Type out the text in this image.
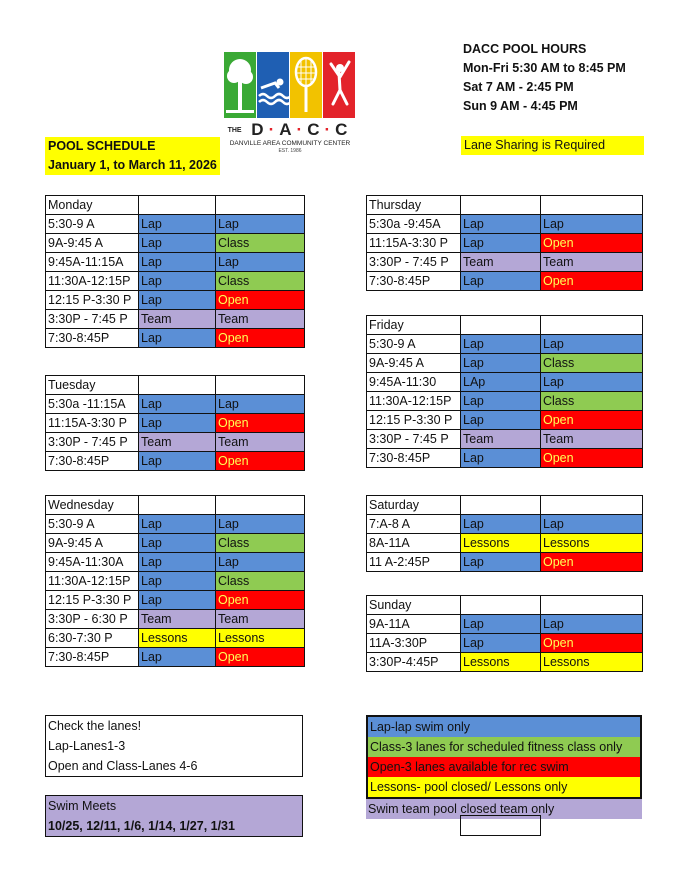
THE D·A·C·C
DANVILLE AREA COMMUNITY CENTER
EST. 1986
DACC POOL HOURS
Mon-Fri 5:30 AM to 8:45 PM
Sat 7 AM - 2:45 PM
Sun 9 AM - 4:45 PM
POOL SCHEDULE
January 1, to March 11, 2026
Lane Sharing is Required
Monday		
5:30-9 A	Lap	Lap
9A-9:45 A	Lap	Class
9:45A-11:15A	Lap	Lap
11:30A-12:15P	Lap	Class
12:15 P-3:30 P	Lap	Open
3:30P - 7:45 P	Team	Team
7:30-8:45P	Lap	Open
Tuesday		
5:30a -11:15A	Lap	Lap
11:15A-3:30 P	Lap	Open
3:30P - 7:45 P	Team	Team
7:30-8:45P	Lap	Open
Wednesday		
5:30-9 A	Lap	Lap
9A-9:45 A	Lap	Class
9:45A-11:30A	Lap	Lap
11:30A-12:15P	Lap	Class
12:15 P-3:30 P	Lap	Open
3:30P - 6:30 P	Team	Team
6:30-7:30 P	Lessons	Lessons
7:30-8:45P	Lap	Open
Thursday		
5:30a -9:45A	Lap	Lap
11:15A-3:30 P	Lap	Open
3:30P - 7:45 P	Team	Team
7:30-8:45P	Lap	Open
Friday		
5:30-9 A	Lap	Lap
9A-9:45 A	Lap	Class
9:45A-11:30	LAp	Lap
11:30A-12:15P	Lap	Class
12:15 P-3:30 P	Lap	Open
3:30P - 7:45 P	Team	Team
7:30-8:45P	Lap	Open
Saturday		
7:A-8 A	Lap	Lap
8A-11A	Lessons	Lessons
11 A-2:45P	Lap	Open
Sunday		
9A-11A	Lap	Lap
11A-3:30P	Lap	Open
3:30P-4:45P	Lessons	Lessons
Check the lanes!
Lap-Lanes1-3
Open and Class-Lanes 4-6
Swim Meets
10/25, 12/11, 1/6, 1/14, 1/27, 1/31
Lap-lap swim only
Class-3 lanes for scheduled fitness class only
Open-3 lanes available for rec swim
Lessons- pool closed/ Lessons only
Swim team pool closed team only
